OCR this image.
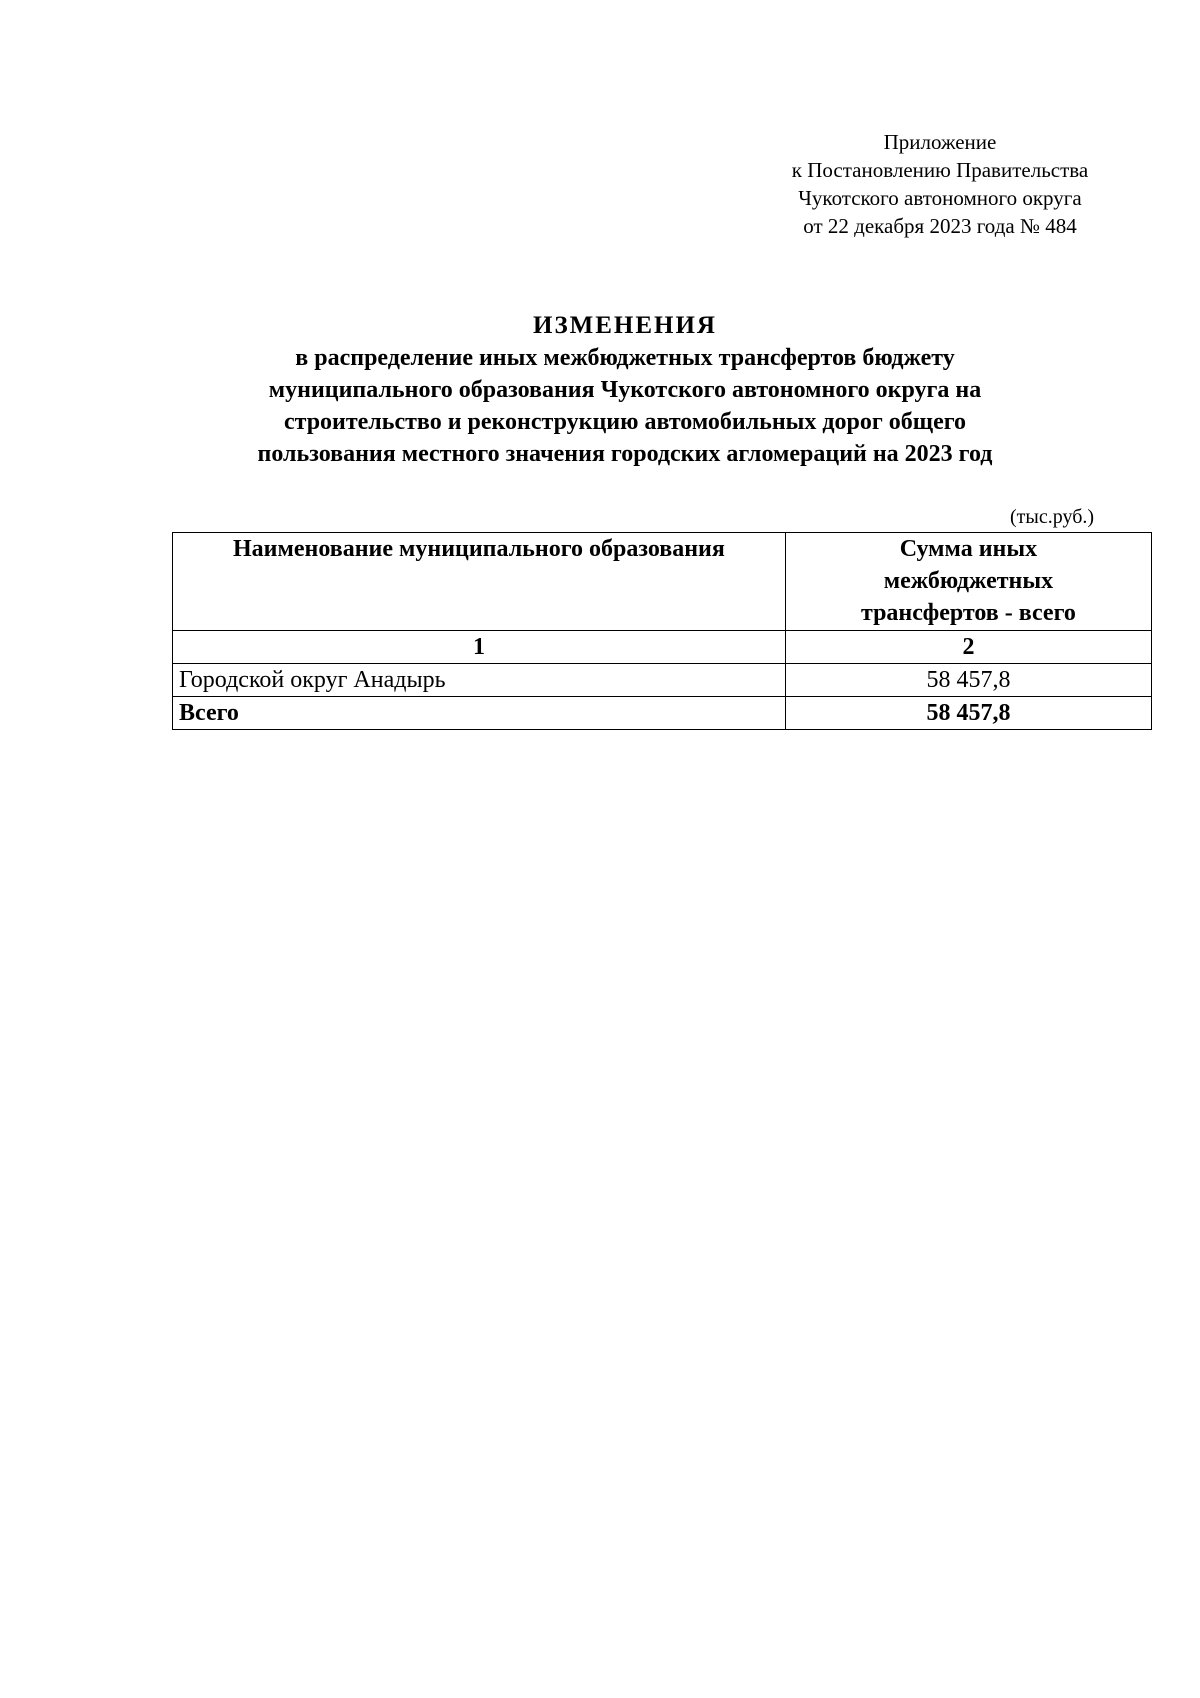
Приложение
к Постановлению Правительства
Чукотского автономного округа
от 22 декабря 2023 года № 484
ИЗМЕНЕНИЯ
в распределение иных межбюджетных трансфертов бюджету
муниципального образования Чукотского автономного округа на
строительство и реконструкцию автомобильных дорог общего
пользования местного значения городских агломераций на 2023 год
(тыс.руб.)
Наименование муниципального образования	Сумма иных
межбюджетных
трансфертов - всего

1	2
Городской округ Анадырь	58 457,8
Всего	58 457,8
